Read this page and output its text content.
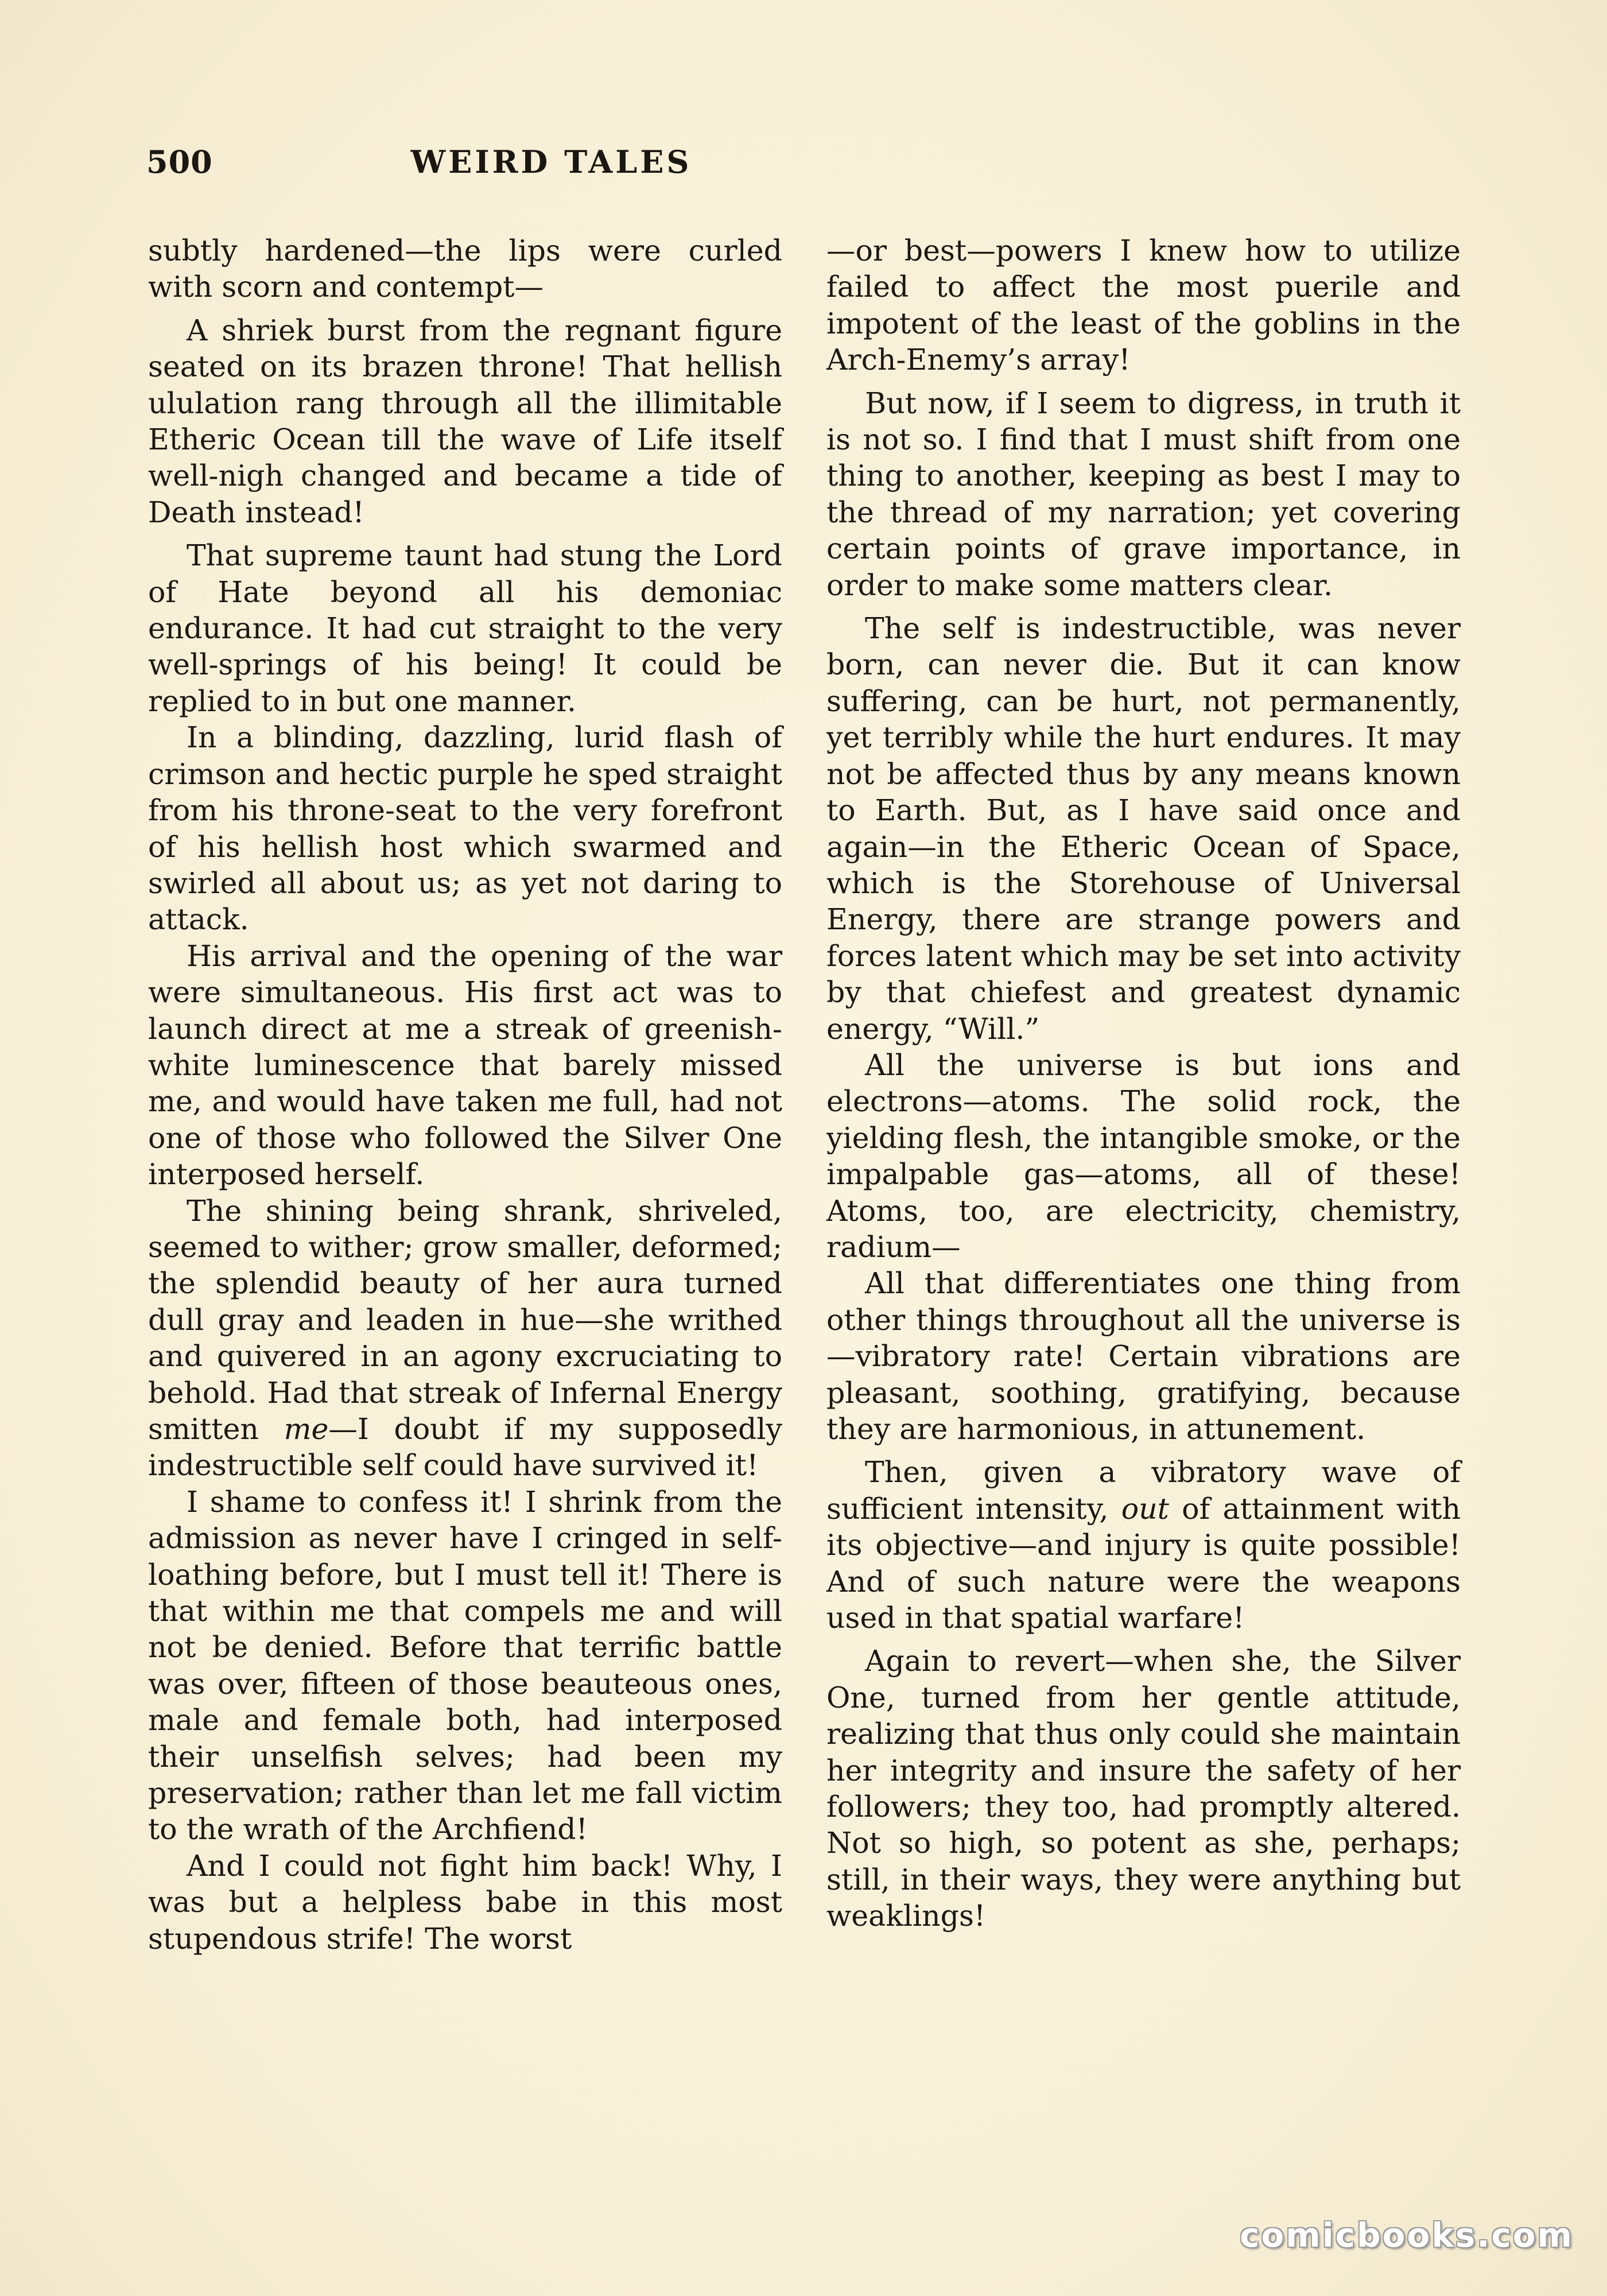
500	WEIRD TALES

subtly hardened—the lips were curled with scorn and contempt—

A shriek burst from the regnant figure seated on its brazen throne! That hellish ululation rang through all the illimitable Etheric Ocean till the wave of Life itself well-nigh changed and became a tide of Death instead!

That supreme taunt had stung the Lord of Hate beyond all his demoniac endurance. It had cut straight to the very well-springs of his being! It could be replied to in but one manner.

In a blinding, dazzling, lurid flash of crimson and hectic purple he sped straight from his throne-seat to the very forefront of his hellish host which swarmed and swirled all about us; as yet not daring to attack.

His arrival and the opening of the war were simultaneous. His first act was to launch direct at me a streak of greenish-white luminescence that barely missed me, and would have taken me full, had not one of those who followed the Silver One interposed herself.

The shining being shrank, shriveled, seemed to wither; grow smaller, deformed; the splendid beauty of her aura turned dull gray and leaden in hue—she writhed and quivered in an agony excruciating to behold. Had that streak of Infernal Energy smitten me—I doubt if my supposedly indestructible self could have survived it!

I shame to confess it! I shrink from the admission as never have I cringed in self-loathing before, but I must tell it! There is that within me that compels me and will not be denied. Before that terrific battle was over, fifteen of those beauteous ones, male and female both, had interposed their unselfish selves; had been my preservation; rather than let me fall victim to the wrath of the Archfiend!

And I could not fight him back! Why, I was but a helpless babe in this most stupendous strife! The worst

—or best—powers I knew how to utilize failed to affect the most puerile and impotent of the least of the goblins in the Arch-Enemy’s array!

But now, if I seem to digress, in truth it is not so. I find that I must shift from one thing to another, keeping as best I may to the thread of my narration; yet covering certain points of grave importance, in order to make some matters clear.

The self is indestructible, was never born, can never die. But it can know suffering, can be hurt, not permanently, yet terribly while the hurt endures. It may not be affected thus by any means known to Earth. But, as I have said once and again—in the Etheric Ocean of Space, which is the Storehouse of Universal Energy, there are strange powers and forces latent which may be set into activity by that chiefest and greatest dynamic energy, “Will.”

All the universe is but ions and electrons—atoms. The solid rock, the yielding flesh, the intangible smoke, or the impalpable gas—atoms, all of these! Atoms, too, are electricity, chemistry, radium—

All that differentiates one thing from other things throughout all the universe is—vibratory rate! Certain vibrations are pleasant, soothing, gratifying, because they are harmonious, in attunement.

Then, given a vibratory wave of sufficient intensity, out of attainment with its objective—and injury is quite possible! And of such nature were the weapons used in that spatial warfare!

Again to revert—when she, the Silver One, turned from her gentle attitude, realizing that thus only could she maintain her integrity and insure the safety of her followers; they too, had promptly altered. Not so high, so potent as she, perhaps; still, in their ways, they were anything but weaklings!

comicbooks.com
